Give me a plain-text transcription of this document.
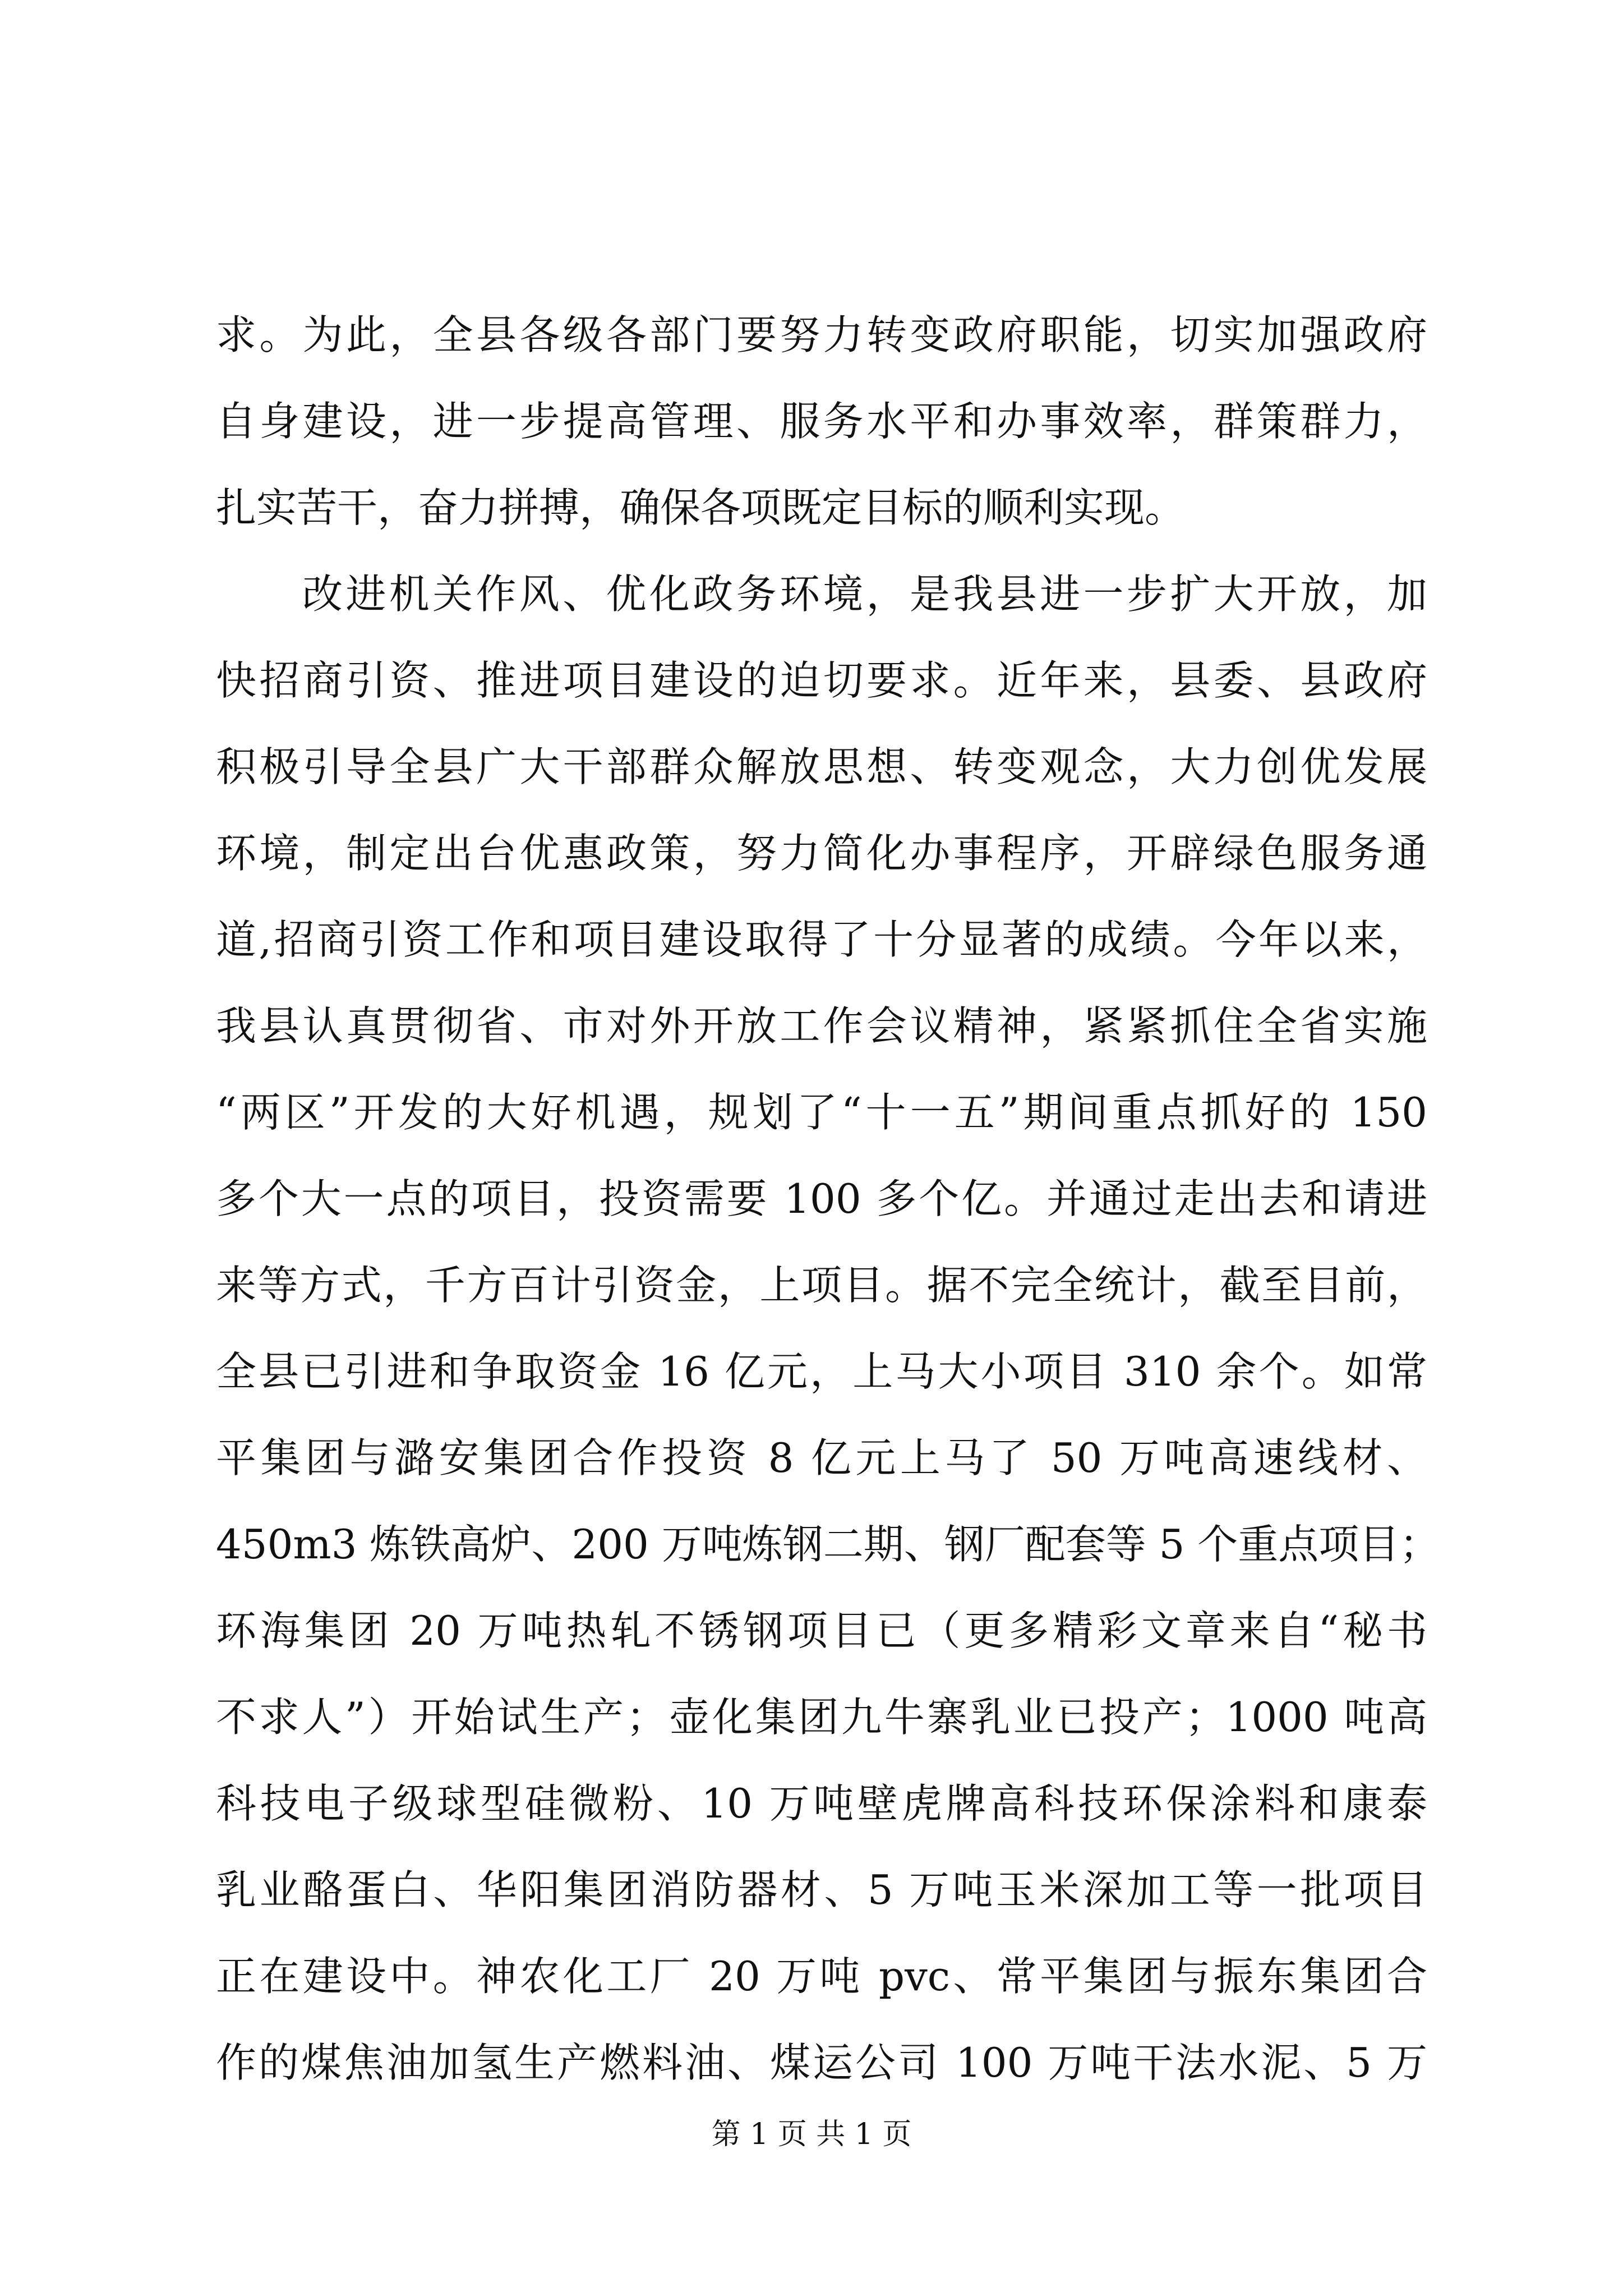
求。为此，全县各级各部门要努力转变政府职能，切实加强政府
自身建设，进一步提高管理、服务水平和办事效率，群策群力，
扎实苦干，奋力拼搏，确保各项既定目标的顺利实现。
改进机关作风、优化政务环境，是我县进一步扩大开放，加
快招商引资、推进项目建设的迫切要求。近年来，县委、县政府
积极引导全县广大干部群众解放思想、转变观念，大力创优发展
环境，制定出台优惠政策，努力简化办事程序，开辟绿色服务通
道,招商引资工作和项目建设取得了十分显著的成绩。今年以来，
我县认真贯彻省、市对外开放工作会议精神，紧紧抓住全省实施
“两区”开发的大好机遇，规划了“十一五”期间重点抓好的 150
多个大一点的项目，投资需要 100 多个亿。并通过走出去和请进
来等方式，千方百计引资金，上项目。据不完全统计，截至目前，
全县已引进和争取资金 16 亿元，上马大小项目 310 余个。如常
平集团与潞安集团合作投资 8 亿元上马了 50 万吨高速线材、
450m3 炼铁高炉、200 万吨炼钢二期、钢厂配套等 5 个重点项目；
环海集团 20 万吨热轧不锈钢项目已（更多精彩文章来自“秘书
不求人”）开始试生产；壶化集团九牛寨乳业已投产；1000 吨高
科技电子级球型硅微粉、10 万吨壁虎牌高科技环保涂料和康泰
乳业酪蛋白、华阳集团消防器材、5 万吨玉米深加工等一批项目
正在建设中。神农化工厂 20 万吨 pvc、常平集团与振东集团合
作的煤焦油加氢生产燃料油、煤运公司 100 万吨干法水泥、5 万
第 1 页 共 1 页
